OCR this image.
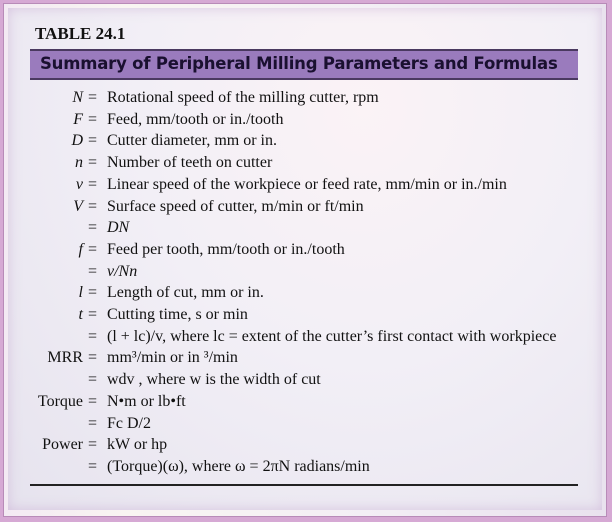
TABLE 24.1
Summary of Peripheral Milling Parameters and Formulas
N = Rotational speed of the milling cutter, rpm
F = Feed, mm/tooth or in./tooth
D = Cutter diameter, mm or in.
n = Number of teeth on cutter
v = Linear speed of the workpiece or feed rate, mm/min or in./min
V = Surface speed of cutter, m/min or ft/min
= DN
f = Feed per tooth, mm/tooth or in./tooth
= v/Nn
l = Length of cut, mm or in.
t = Cutting time, s or min
= (l + lc)/v, where lc = extent of the cutter’s first contact with workpiece
MRR = mm³/min or in ³/min
= wdv , where w is the width of cut
Torque = N•m or lb•ft
= Fc D/2
Power = kW or hp
= (Torque)(ω), where ω = 2πN radians/min
